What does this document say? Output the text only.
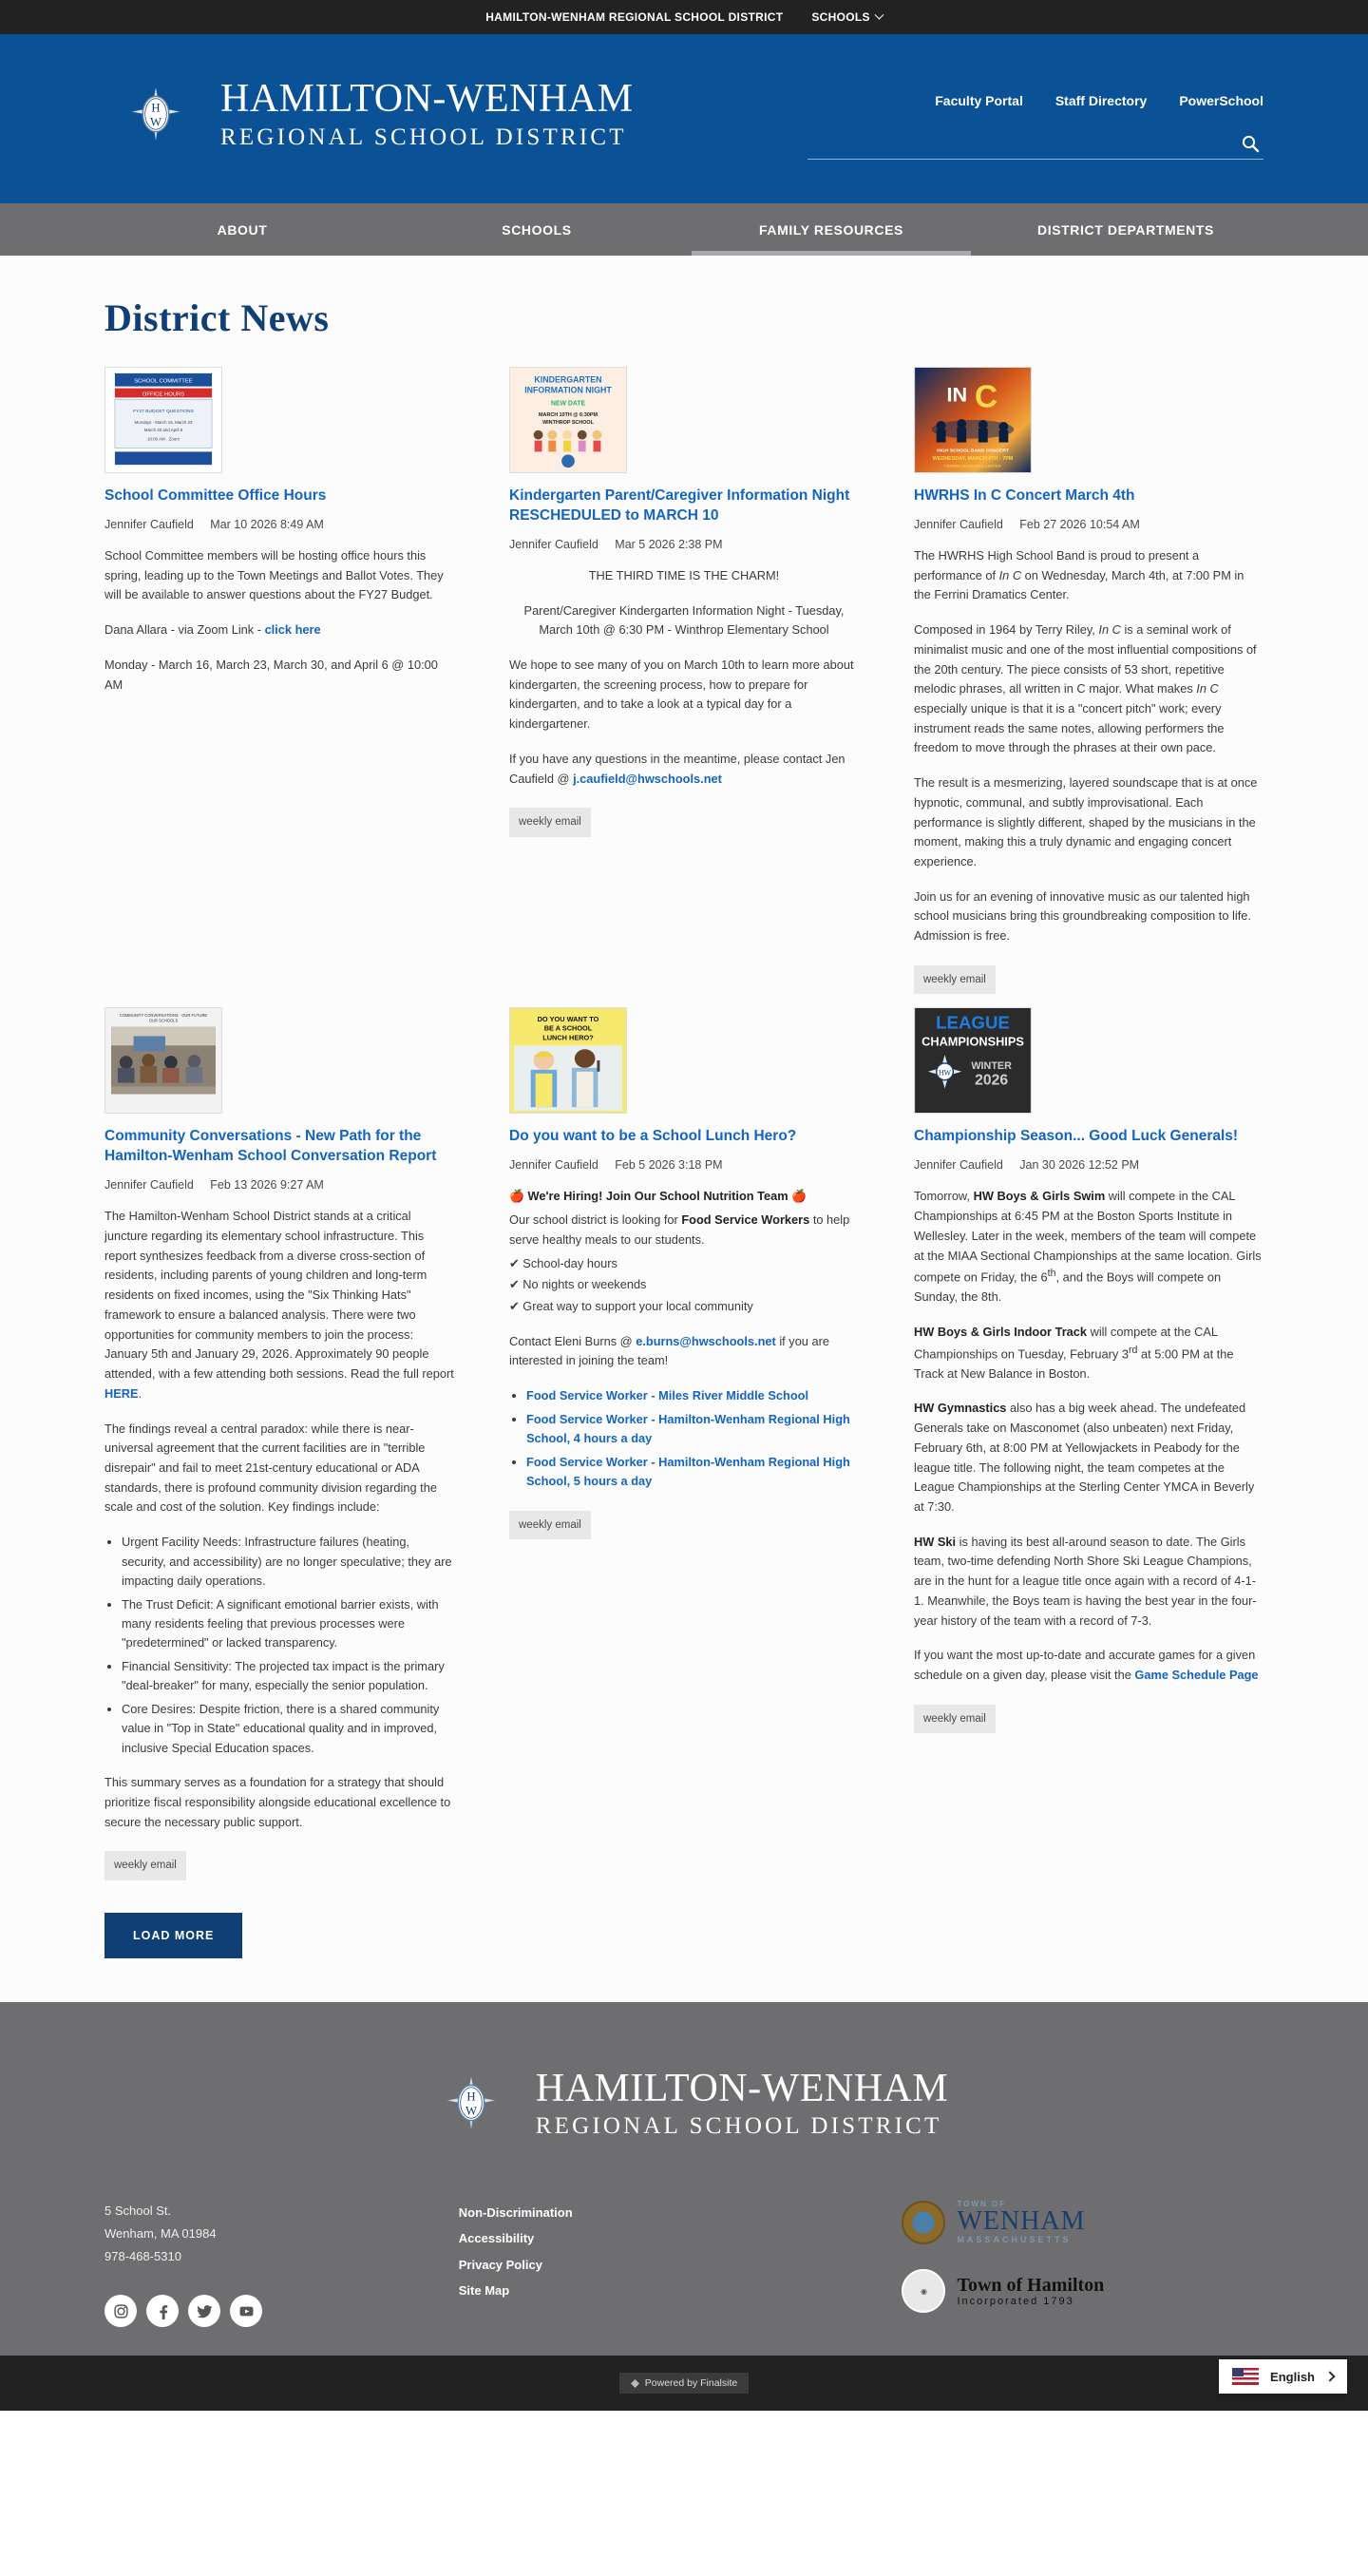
HAMILTON-WENHAM REGIONAL SCHOOL DISTRICT	SCHOOLS
H
W
HAMILTON-WENHAM
REGIONAL SCHOOL DISTRICT
Faculty Portal Staff Directory PowerSchool
ABOUT	SCHOOLS	FAMILY RESOURCES	DISTRICT DEPARTMENTS
District News
SCHOOL COMMITTEE
OFFICE HOURS
FY27 BUDGET QUESTIONS
Mondays · March 16, March 23
March 30 and April 6
10:00 AM · Zoom
School Committee Office Hours
Jennifer Caufield Mar 10 2026 8:49 AM

School Committee members will be hosting office hours this spring, leading up to the Town Meetings and Ballot Votes. They will be available to answer questions about the FY27 Budget.

Dana Allara - via Zoom Link - click here

Monday - March 16, March 23, March 30, and April 6 @ 10:00 AM

KINDERGARTEN
INFORMATION NIGHT
NEW DATE
MARCH 10TH @ 6:30PM
WINTHROP SCHOOL
Kindergarten Parent/Caregiver Information Night RESCHEDULED to MARCH 10
Jennifer Caufield Mar 5 2026 2:38 PM

THE THIRD TIME IS THE CHARM!

Parent/Caregiver Kindergarten Information Night - Tuesday, March 10th @ 6:30 PM - Winthrop Elementary School

We hope to see many of you on March 10th to learn more about kindergarten, the screening process, how to prepare for kindergarten, and to take a look at a typical day for a kindergartener.

If you have any questions in the meantime, please contact Jen Caufield @ j.caufield@hwschools.net

weekly email
IN C
HIGH SCHOOL BAND CONCERT
WEDNESDAY, MARCH 4TH - 7PM
FERRINI DRAMATICS CENTER
HWRHS In C Concert March 4th
Jennifer Caufield Feb 27 2026 10:54 AM

The HWRHS High School Band is proud to present a performance of In C on Wednesday, March 4th, at 7:00 PM in the Ferrini Dramatics Center.

Composed in 1964 by Terry Riley, In C is a seminal work of minimalist music and one of the most influential compositions of the 20th century. The piece consists of 53 short, repetitive melodic phrases, all written in C major. What makes In C especially unique is that it is a "concert pitch" work; every instrument reads the same notes, allowing performers the freedom to move through the phrases at their own pace.

The result is a mesmerizing, layered soundscape that is at once hypnotic, communal, and subtly improvisational. Each performance is slightly different, shaped by the musicians in the moment, making this a truly dynamic and engaging concert experience.

Join us for an evening of innovative music as our talented high school musicians bring this groundbreaking composition to life. Admission is free.

weekly email
COMMUNITY CONVERSATIONS · OUR FUTURE
OUR SCHOOLS
Community Conversations - New Path for the Hamilton-Wenham School Conversation Report
Jennifer Caufield Feb 13 2026 9:27 AM

The Hamilton-Wenham School District stands at a critical juncture regarding its elementary school infrastructure. This report synthesizes feedback from a diverse cross-section of residents, including parents of young children and long-term residents on fixed incomes, using the "Six Thinking Hats" framework to ensure a balanced analysis. There were two opportunities for community members to join the process: January 5th and January 29, 2026. Approximately 90 people attended, with a few attending both sessions. Read the full report HERE.

The findings reveal a central paradox: while there is near-universal agreement that the current facilities are in "terrible disrepair" and fail to meet 21st-century educational or ADA standards, there is profound community division regarding the scale and cost of the solution. Key findings include:

• Urgent Facility Needs: Infrastructure failures (heating, security, and accessibility) are no longer speculative; they are impacting daily operations.
• The Trust Deficit: A significant emotional barrier exists, with many residents feeling that previous processes were "predetermined" or lacked transparency.
• Financial Sensitivity: The projected tax impact is the primary "deal-breaker" for many, especially the senior population.
• Core Desires: Despite friction, there is a shared community value in "Top in State" educational quality and in improved, inclusive Special Education spaces.

This summary serves as a foundation for a strategy that should prioritize fiscal responsibility alongside educational excellence to secure the necessary public support.

weekly email
LOAD MORE
DO YOU WANT TO
BE A SCHOOL
LUNCH HERO?
Do you want to be a School Lunch Hero?
Jennifer Caufield Feb 5 2026 3:18 PM

🍎 We're Hiring! Join Our School Nutrition Team 🍎

Our school district is looking for Food Service Workers to help serve healthy meals to our students.

✔ School-day hours

✔ No nights or weekends

✔ Great way to support your local community

Contact Eleni Burns @ e.burns@hwschools.net if you are interested in joining the team!

• Food Service Worker - Miles River Middle School
• Food Service Worker - Hamilton-Wenham Regional High School, 4 hours a day
• Food Service Worker - Hamilton-Wenham Regional High School, 5 hours a day
weekly email
LEAGUE
CHAMPIONSHIPS
HW
WINTER
2026
Championship Season... Good Luck Generals!
Jennifer Caufield Jan 30 2026 12:52 PM

Tomorrow, HW Boys & Girls Swim will compete in the CAL Championships at 6:45 PM at the Boston Sports Institute in Wellesley. Later in the week, members of the team will compete at the MIAA Sectional Championships at the same location. Girls compete on Friday, the 6th, and the Boys will compete on Sunday, the 8th.

HW Boys & Girls Indoor Track will compete at the CAL Championships on Tuesday, February 3rd at 5:00 PM at the Track at New Balance in Boston.

HW Gymnastics also has a big week ahead. The undefeated Generals take on Masconomet (also unbeaten) next Friday, February 6th, at 8:00 PM at Yellowjackets in Peabody for the league title. The following night, the team competes at the League Championships at the Sterling Center YMCA in Beverly at 7:30.

HW Ski is having its best all-around season to date. The Girls team, two-time defending North Shore Ski League Champions, are in the hunt for a league title once again with a record of 4-1-1. Meanwhile, the Boys team is having the best year in the four-year history of the team with a record of 7-3.

If you want the most up-to-date and accurate games for a given schedule on a given day, please visit the Game Schedule Page

weekly email
H
W
HAMILTON-WENHAM
REGIONAL SCHOOL DISTRICT
5 School St.
Wenham, MA 01984
978-468-5310
Non-Discrimination
Accessibility
Privacy Policy
Site Map
TOWN OF
WENHAM
MASSACHUSETTS
◉	Town of Hamilton
Incorporated 1793
Powered by Finalsite	English
